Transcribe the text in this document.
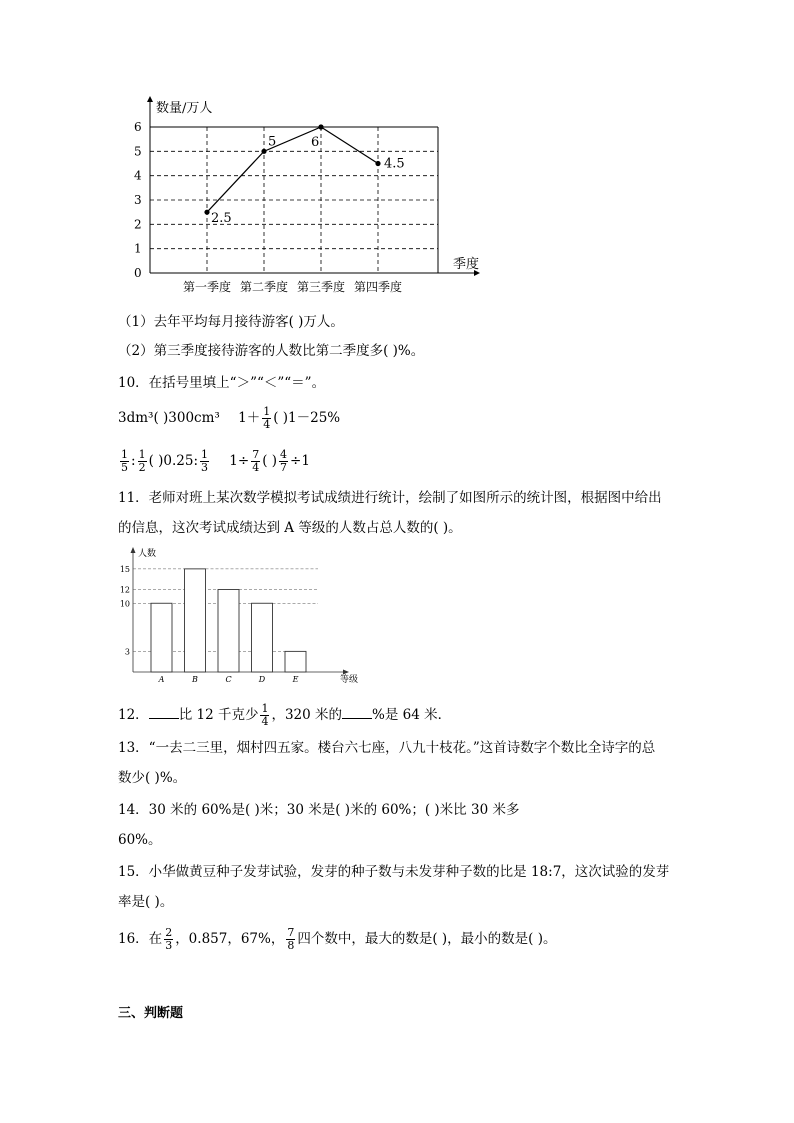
数量/万人
季度
0
1
2
3
4
5
6
第一季度 第二季度 第三季度 第四季度
2.5
5	6
4.5
（1）去年平均每月接待游客( )万人。
（2）第三季度接待游客的人数比第二季度多( )%。
10．在括号里填上“＞”“＜”“＝”。
3dm³( )300cm³ $1+ \frac{1}{4}$ ( )1－25%
$\frac{1}{5}$ : $\frac{1}{2}$ ( )0.25: $\frac{1}{3} 1\div \frac{7}{4}$ ( ) $\frac{4}{7} \div 1$
11．老师对班上某次数学模拟考试成绩进行统计，绘制了如图所示的统计图，根据图中给出
的信息，这次考试成绩达到 A 等级的人数占总人数的( )。
人数
等级
3
10
12
15
A	B	C	D	E
12． 比 12 千克少 $\frac{1}{4}$ ，320 米的 %是 64 米．
13．“一去二三里，烟村四五家。楼台六七座，八九十枝花。”这首诗数字个数比全诗字的总
数少( )%。
14．30 米的 60%是( )米；30 米是( )米的 60%；( )米比 30 米多
60%。
15．小华做黄豆种子发芽试验，发芽的种子数与未发芽种子数的比是 18:7，这次试验的发芽
率是( )。
16．在 $\frac{2}{3}$ ，0.857，67%， $\frac{7}{8}$ 四个数中，最大的数是( )，最小的数是( )。
三、判断题
